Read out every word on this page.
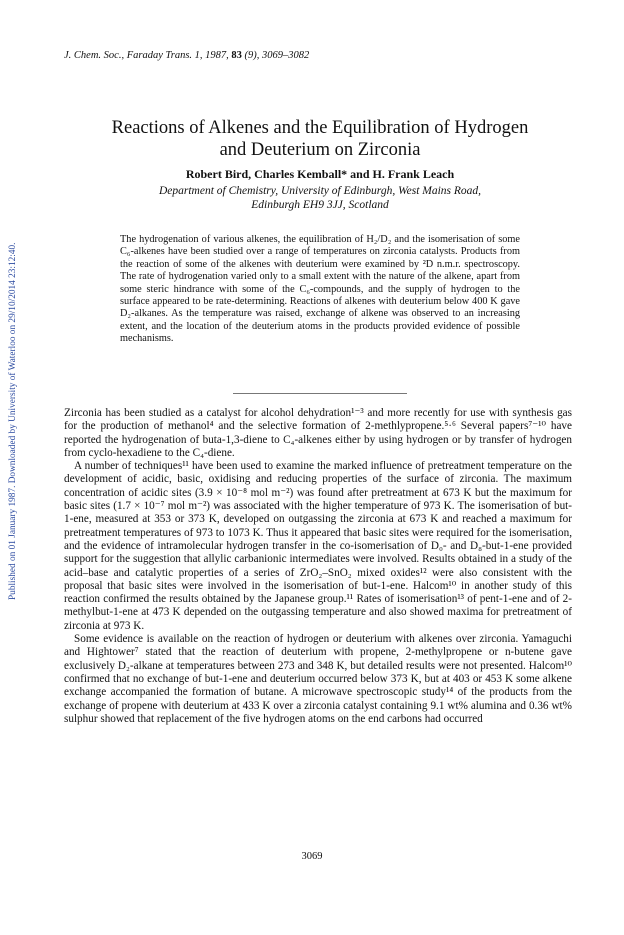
Published on 01 January 1987. Downloaded by University of Waterloo on 29/10/2014 23:12:40.
J. Chem. Soc., Faraday Trans. 1, 1987, 83 (9), 3069–3082
Reactions of Alkenes and the Equilibration of Hydrogen
and Deuterium on Zirconia
Robert Bird, Charles Kemball* and H. Frank Leach
Department of Chemistry, University of Edinburgh, West Mains Road,
Edinburgh EH9 3JJ, Scotland
The hydrogenation of various alkenes, the equilibration of H₂/D₂ and the isomerisation of some C₆-alkenes have been studied over a range of temperatures on zirconia catalysts. Products from the reaction of some of the alkenes with deuterium were examined by ²D n.m.r. spectroscopy. The rate of hydrogenation varied only to a small extent with the nature of the alkene, apart from some steric hindrance with some of the C₆-compounds, and the supply of hydrogen to the surface appeared to be rate-determining. Reactions of alkenes with deuterium below 400 K gave D₂-alkanes. As the temperature was raised, exchange of alkene was observed to an increasing extent, and the location of the deuterium atoms in the products provided evidence of possible mechanisms.

Zirconia has been studied as a catalyst for alcohol dehydration¹⁻³ and more recently for use with synthesis gas for the production of methanol⁴ and the selective formation of 2-methlypropene.⁵·⁶ Several papers⁷⁻¹⁰ have reported the hydrogenation of buta-1,3-diene to C₄-alkenes either by using hydrogen or by transfer of hydrogen from cyclo-hexadiene to the C₄-diene.

A number of techniques¹¹ have been used to examine the marked influence of pretreatment temperature on the development of acidic, basic, oxidising and reducing properties of the surface of zirconia. The maximum concentration of acidic sites (3.9 × 10⁻⁸ mol m⁻²) was found after pretreatment at 673 K but the maximum for basic sites (1.7 × 10⁻⁷ mol m⁻²) was associated with the higher temperature of 973 K. The isomerisation of but-1-ene, measured at 353 or 373 K, developed on outgassing the zirconia at 673 K and reached a maximum for pretreatment temperatures of 973 to 1073 K. Thus it appeared that basic sites were required for the isomerisation, and the evidence of intramolecular hydrogen transfer in the co-isomerisation of D₀- and D₈-but-1-ene provided support for the suggestion that allylic carbanionic intermediates were involved. Results obtained in a study of the acid–base and catalytic properties of a series of ZrO₂–SnO₂ mixed oxides¹² were also consistent with the proposal that basic sites were involved in the isomerisation of but-1-ene. Halcom¹⁰ in another study of this reaction confirmed the results obtained by the Japanese group.¹¹ Rates of isomerisation¹³ of pent-1-ene and of 2-methylbut-1-ene at 473 K depended on the outgassing temperature and also showed maxima for pretreatment of zirconia at 973 K.

Some evidence is available on the reaction of hydrogen or deuterium with alkenes over zirconia. Yamaguchi and Hightower⁷ stated that the reaction of deuterium with propene, 2-methylpropene or n-butene gave exclusively D₂-alkane at temperatures between 273 and 348 K, but detailed results were not presented. Halcom¹⁰ confirmed that no exchange of but-1-ene and deuterium occurred below 373 K, but at 403 or 453 K some alkene exchange accompanied the formation of butane. A microwave spectroscopic study¹⁴ of the products from the exchange of propene with deuterium at 433 K over a zirconia catalyst containing 9.1 wt% alumina and 0.36 wt% sulphur showed that replacement of the five hydrogen atoms on the end carbons had occurred

3069
